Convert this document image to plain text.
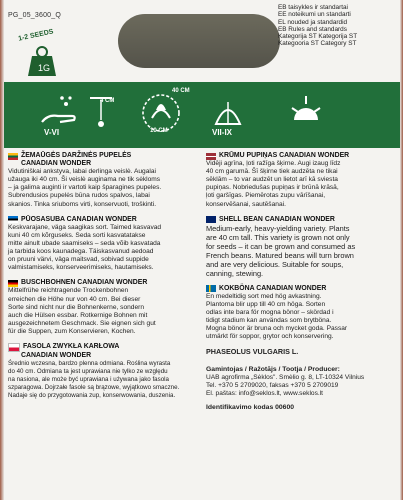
PG_05_3600_Q
1G
1-2 SEEDS
EB taisykles ir standartai
EE noteikumi un standarti
EL nouded ja standardid
EB Rules and standards
Kategorija ST Kategorija ST
Kategooria ST Category ST
V-VI
4 CM
40 CM
10 CM	VII-IX
ŽEMAŪGĖS DARŽINĖS PUPELĖS
CANADIAN WONDER

Vidutiniškai ankstyva, labai derlinga veislė. Augalai

užauga iki 40 cm. Ši veislė auginama ne tik sėkloms

– ja galima auginti ir vartoti kaip šparagines pupeles.

Subrendusios pupelės būna rudos spalvos, labai

skanios. Tinka sriuboms virti, konservuoti, troškinti.

PŪOSASUBA CANADIAN WONDER

Keskvarajane, väga saagikas sort. Taimed kasvavad

kuni 40 cm kõrguseks. Seda sorti kasvatatakse

mitte ainult ubade saamiseks – seda võib kasvatada

ja tarbida koos kaunadega. Täiskasvanud aedoad

on pruuni värvi, väga maitsvad, sobivad suppide

valmistamiseks, konserveerimiseks, hautamiseks.

BUSCHBOHNEN CANADIAN WONDER

Mittelfrühe reichtragende Trockenbohnen

erreichen die Höhe nur von 40 cm. Bei dieser

Sorte sind nicht nur die Bohnenkerne, sondern

auch die Hülsen essbar. Rotkernige Bohnen mit

ausgezeichnetem Geschmack. Sie eignen sich gut

für die Suppen, zum Konservieren, Kochen.

FASOLA ZWYKŁA KARŁOWA
CANADIAN WONDER

Średnio wczesna, bardzo plenna odmiana. Roślina wyrasta

do 40 cm. Odmiana ta jest uprawiana nie tylko ze względu

na nasiona, ale może być uprawiana i używana jako fasola

szparagowa. Dojrzałe fasole są brązowe, wyjątkowo smaczne.

Nadaje się do przygotowania zup, konserwowania, duszenia.

KRŪMU PUPIŅAS CANADIAN WONDER

Vidēji agrīna, ļoti ražīga šķirne. Augi izaug līdz

40 cm garumā. Šī šķirne tiek audzēta ne tikai

sēklām – to var audzēt un lietot arī kā sviesta

pupiņas. Nobriedušas pupiņas ir brūnā krāsā,

ļoti garšīgas. Piemērotas zupu vārīšanai,

konservēšanai, sautēšanai.

SHELL BEAN CANADIAN WONDER

Medium-early, heavy-yielding variety. Plants

are 40 cm tall. This variety is grown not only

for seeds – it can be grown and consumed as

French beans. Matured beans will turn brown

and are very delicious. Suitable for soups,

canning, stewing.

KOKBÖNA CANADIAN WONDER

En medeltidig sort med hög avkastning.

Plantorna blir upp till 40 cm höga. Sorten

odlas inte bara för mogna bönor – skördad i

tidigt stadium kan användas som brytböna.

Mogna bönor är bruna och mycket goda. Passar

utmärkt för soppor, grytor och konservering.

PHASEOLUS VULGARIS L.
Gamintojas / Ražotājs / Tootja / Producer:

UAB agrofirma „Sėklos". Smėlio g. 8, LT-10324 Vilnius

Tel. +370 5 2709020, faksas +370 5 2709019

El. paštas: info@seklos.lt, www.seklos.lt

Identifikavimo kodas 00600
